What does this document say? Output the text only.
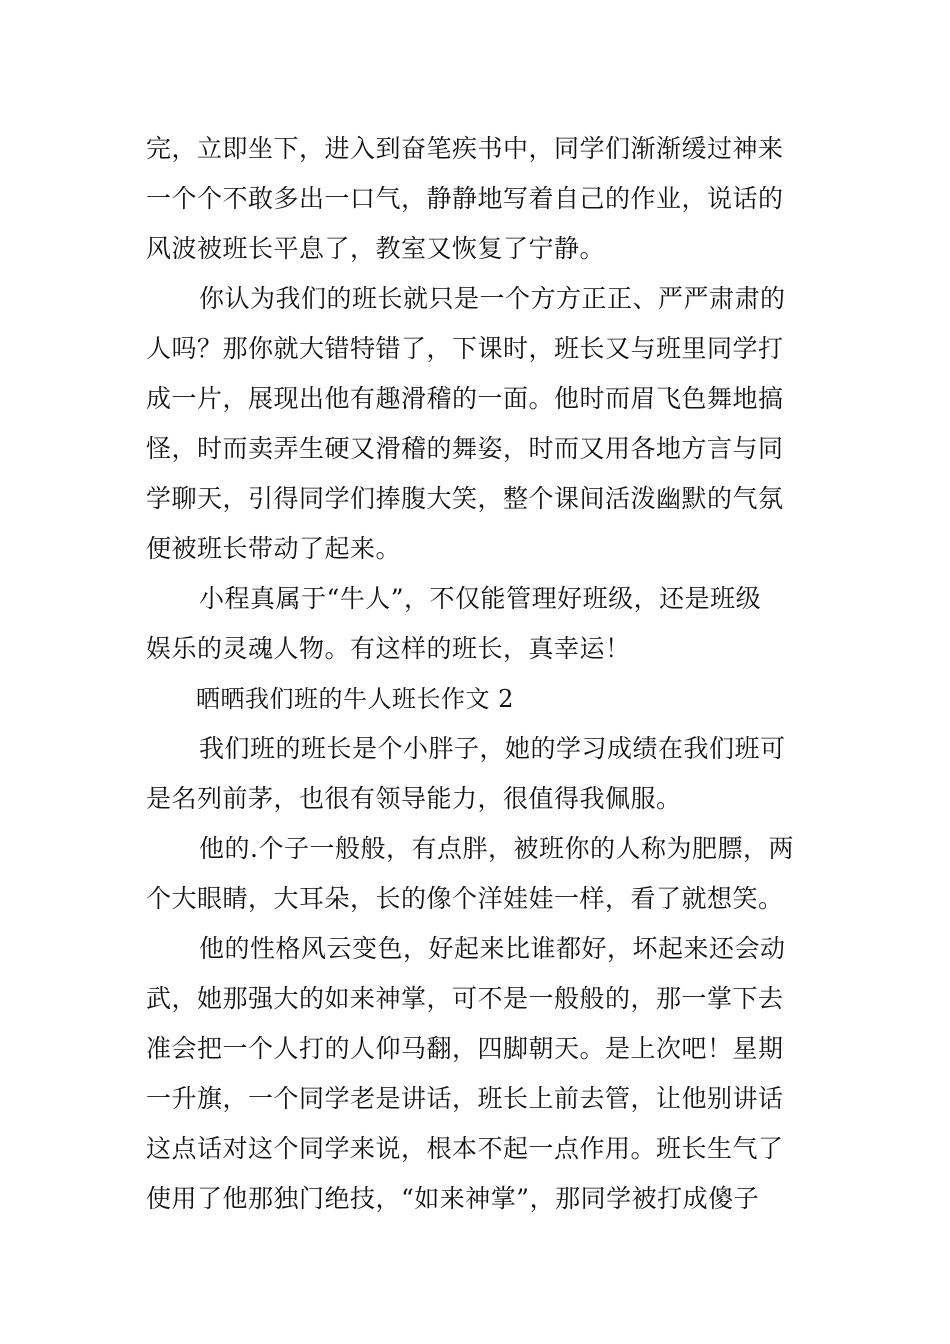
完，立即坐下，进入到奋笔疾书中，同学们渐渐缓过神来
一个个不敢多出一口气，静静地写着自己的作业，说话的
风波被班长平息了，教室又恢复了宁静。
你认为我们的班长就只是一个方方正正、严严肃肃的
人吗？那你就大错特错了，下课时，班长又与班里同学打
成一片，展现出他有趣滑稽的一面。他时而眉飞色舞地搞
怪，时而卖弄生硬又滑稽的舞姿，时而又用各地方言与同
学聊天，引得同学们捧腹大笑，整个课间活泼幽默的气氛
便被班长带动了起来。
小程真属于“牛人”，不仅能管理好班级，还是班级
娱乐的灵魂人物。有这样的班长，真幸运！
晒晒我们班的牛人班长作文 2
我们班的班长是个小胖子，她的学习成绩在我们班可
是名列前茅，也很有领导能力，很值得我佩服。
他的.个子一般般，有点胖，被班你的人称为肥膘，两
个大眼睛，大耳朵，长的像个洋娃娃一样，看了就想笑。
他的性格风云变色，好起来比谁都好，坏起来还会动
武，她那强大的如来神掌，可不是一般般的，那一掌下去
准会把一个人打的人仰马翻，四脚朝天。是上次吧！星期
一升旗，一个同学老是讲话，班长上前去管，让他别讲话
这点话对这个同学来说，根本不起一点作用。班长生气了
使用了他那独门绝技，“如来神掌”，那同学被打成傻子
